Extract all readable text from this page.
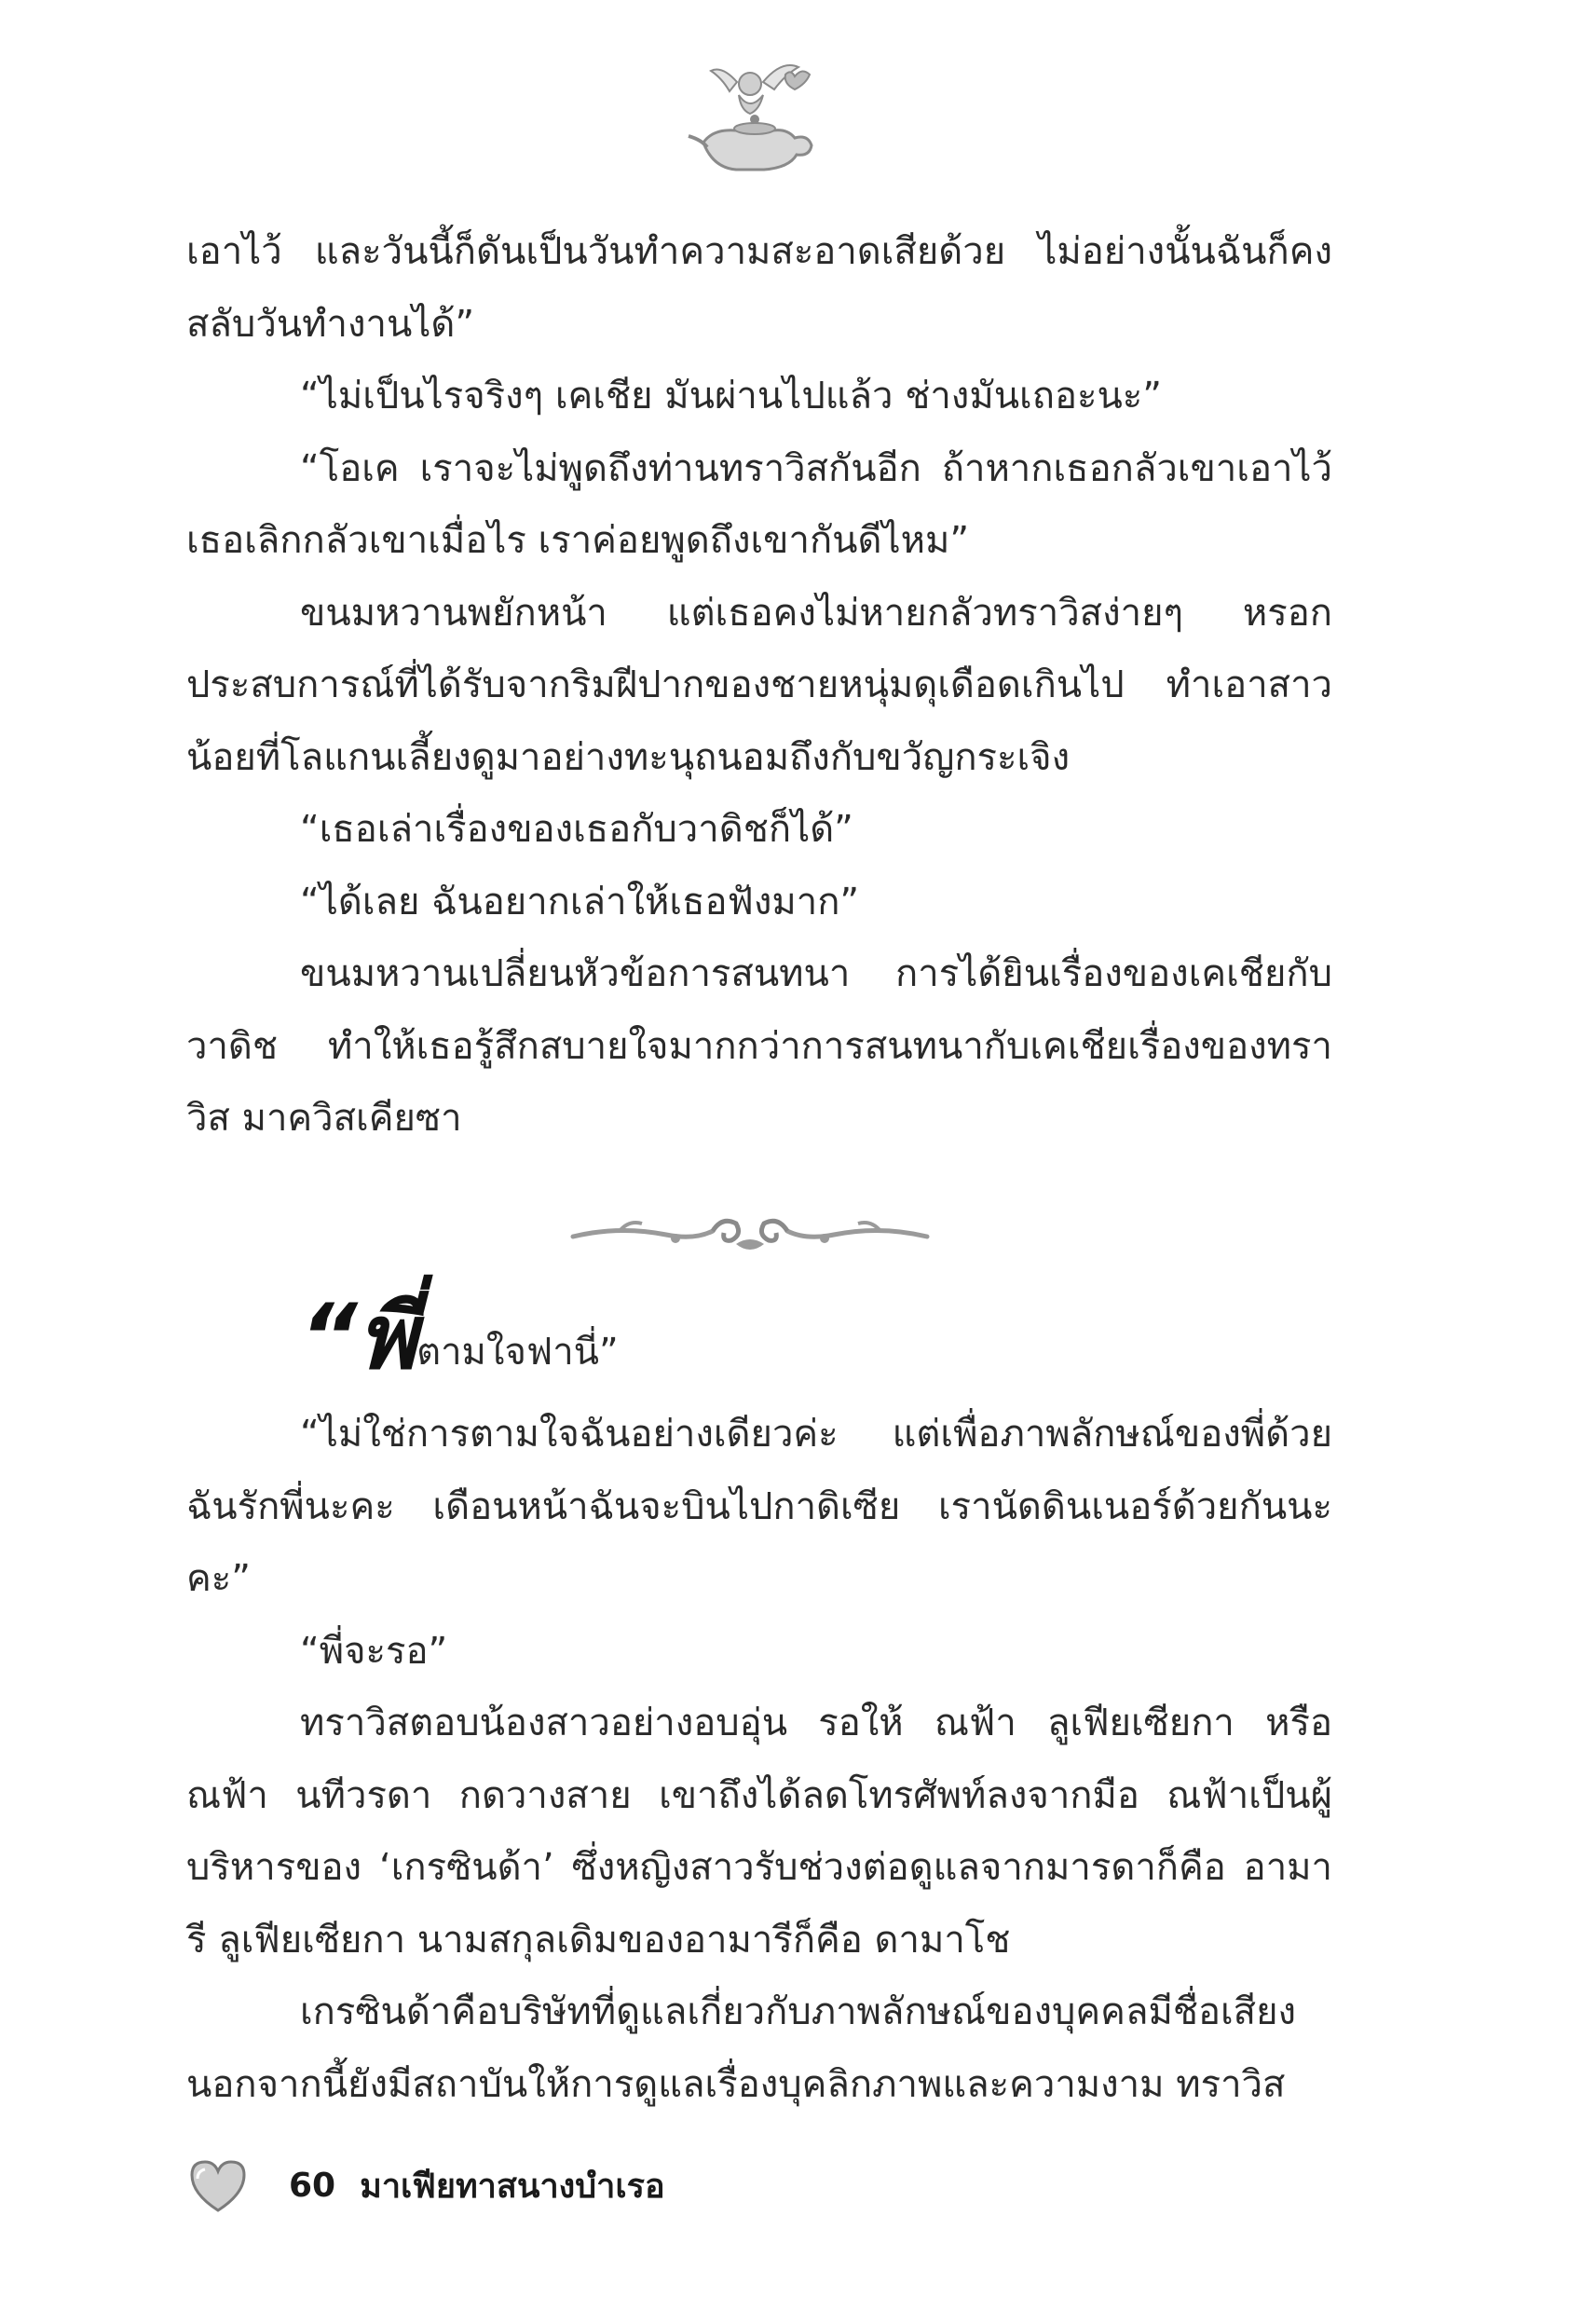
เอาไว้ และวันนี้ก็ดันเป็นวันทำความสะอาดเสียด้วย ไม่อย่างนั้นฉันก็คงสลับวันทำงานได้”

“ไม่เป็นไรจริงๆ เคเชีย มันผ่านไปแล้ว ช่างมันเถอะนะ”

“โอเค เราจะไม่พูดถึงท่านทราวิสกันอีก ถ้าหากเธอกลัวเขาเอาไว้เธอเลิกกลัวเขาเมื่อไร เราค่อยพูดถึงเขากันดีไหม”

ขนมหวานพยักหน้า แต่เธอคงไม่หายกลัวทราวิสง่ายๆ หรอก ประสบการณ์ที่ได้รับจากริมฝีปากของชายหนุ่มดุเดือดเกินไป ทำเอาสาวน้อยที่โลแกนเลี้ยงดูมาอย่างทะนุถนอมถึงกับขวัญกระเจิง

“เธอเล่าเรื่องของเธอกับวาดิชก็ได้”

“ได้เลย ฉันอยากเล่าให้เธอฟังมาก”

ขนมหวานเปลี่ยนหัวข้อการสนทนา การได้ยินเรื่องของเคเชียกับวาดิช ทำให้เธอรู้สึกสบายใจมากกว่าการสนทนากับเคเชียเรื่องของทราวิส มาควิสเคียซา

“พี่ตามใจฟานี่”

“ไม่ใช่การตามใจฉันอย่างเดียวค่ะ แต่เพื่อภาพลักษณ์ของพี่ด้วย ฉันรักพี่นะคะ เดือนหน้าฉันจะบินไปกาดิเซีย เรานัดดินเนอร์ด้วยกันนะคะ”

“พี่จะรอ”

ทราวิสตอบน้องสาวอย่างอบอุ่น รอให้ ณฟ้า ลูเฟียเซียกา หรือ ณฟ้า นทีวรดา กดวางสาย เขาถึงได้ลดโทรศัพท์ลงจากมือ ณฟ้าเป็นผู้บริหารของ ‘เกรซินด้า’ ซึ่งหญิงสาวรับช่วงต่อดูแลจากมารดาก็คือ อามารี ลูเฟียเซียกา นามสกุลเดิมของอามารีก็คือ ดามาโช

เกรซินด้าคือบริษัทที่ดูแลเกี่ยวกับภาพลักษณ์ของบุคคลมีชื่อเสียง นอกจากนี้ยังมีสถาบันให้การดูแลเรื่องบุคลิกภาพและความงาม ทราวิส

60 มาเฟียทาสนางบำเรอ
